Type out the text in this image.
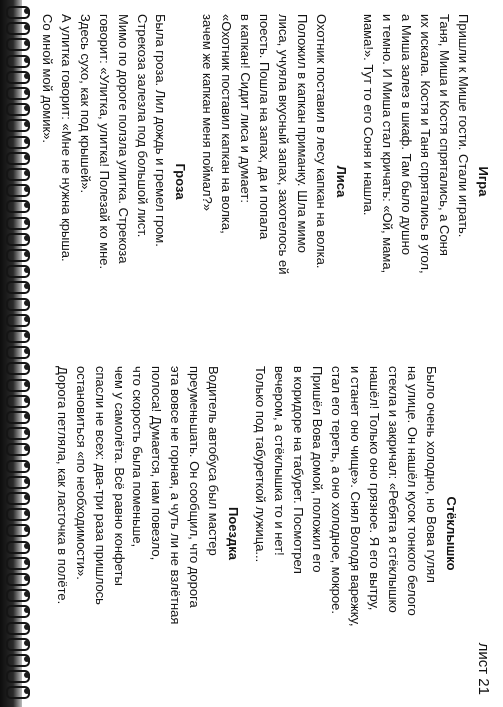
лист 21

Игра

Пришли к Мише гости. Стали играть.
Таня, Миша и Костя спрятались, а Соня
их искала. Костя и Таня спрятались в угол,
а Миша залез в шкаф. Там было душно
и темно. И Миша стал кричать: «Ой, мама,
мама!». Тут то его Соня и нашла.

Лиса

Охотник поставил в лесу капкан на волка.
Положил в капкан приманку. Шла мимо
лиса, учуяла вкусный запах, захотелось ей
поесть. Пошла на запах, да и попала
в капкан! Сидит лиса и думает:
«Охотник поставил капкан на волка,
зачем же капкан меня поймал?»

Гроза

Была гроза. Лил дождь и гремел гром.
Стрекоза залезла под большой лист.
Мимо по дороге ползла улитка. Стрекоза
говорит: «Улитка, улитка! Полезай ко мне.
Здесь сухо, как под крышей».
А улитка говорит: «Мне не нужна крыша.
Со мной мой домик».

Стёклышко

Было очень холодно, но Вова гулял
на улице. Он нашёл кусок тонкого белого
стекла и закричал: «Ребята я стёклышко
нашёл! Только оно грязное. Я его вытру,
и станет оно чище». Снял Володя варежку,
стал его тереть, а оно холодное, мокрое.
Пришёл Вова домой, положил его
в коридоре на табурет. Посмотрел
вечером, а стёклышка то и нет!
Только под табуреткой лужица...

Поездка

Водитель автобуса был мастер
преуменьшать. Он сообщил, что дорога
эта вовсе не горная, а чуть ли не взлётная
полоса! Думается, нам повезло,
что скорость была поменьше,
чем у самолёта. Всё равно конфеты
спасли не всех: два-три раза пришлось
остановиться «по необходимости».
Дорога петляла, как ласточка в полёте.
